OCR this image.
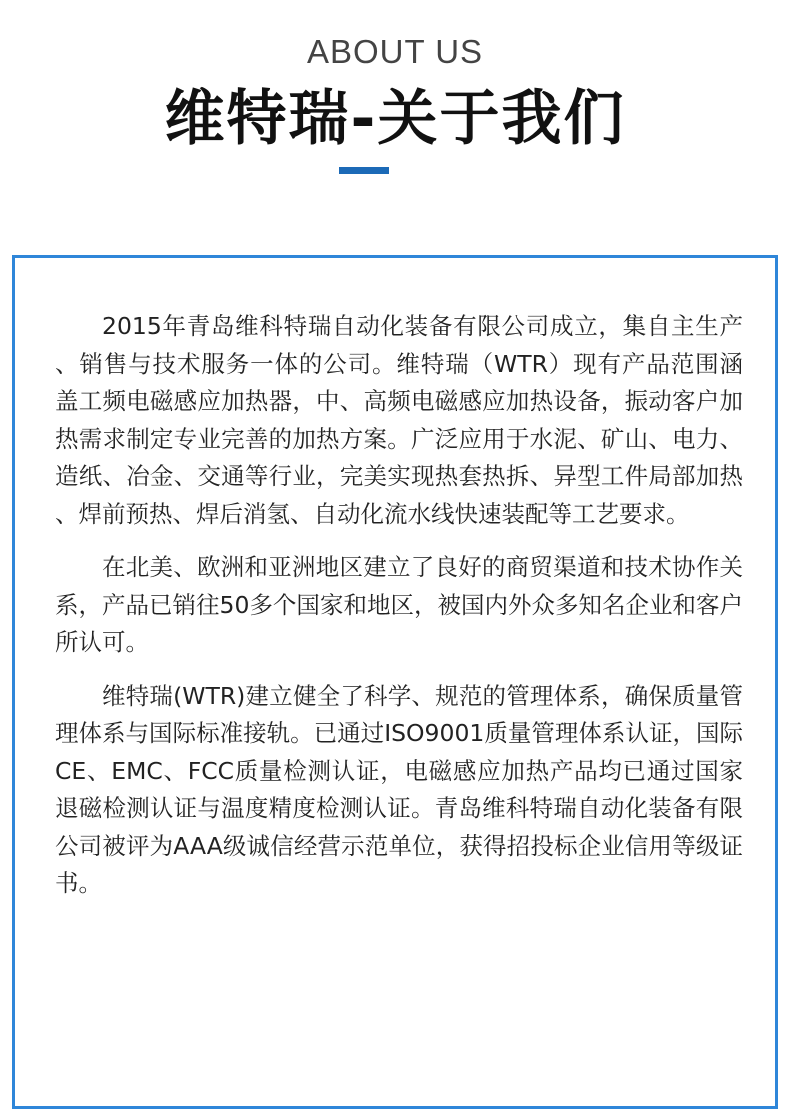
ABOUT US
维特瑞-关于我们

2015年青岛维科特瑞自动化装备有限公司成立，集自主生产、销售与技术服务一体的公司。维特瑞（WTR）现有产品范围涵盖工频电磁感应加热器，中、高频电磁感应加热设备，振动客户加热需求制定专业完善的加热方案。广泛应用于水泥、矿山、电力、造纸、冶金、交通等行业，完美实现热套热拆、异型工件局部加热、焊前预热、焊后消氢、自动化流水线快速装配等工艺要求。

在北美、欧洲和亚洲地区建立了良好的商贸渠道和技术协作关系，产品已销往50多个国家和地区，被国内外众多知名企业和客户所认可。

维特瑞(WTR)建立健全了科学、规范的管理体系，确保质量管理体系与国际标准接轨。已通过ISO9001质量管理体系认证，国际CE、EMC、FCC质量检测认证，电磁感应加热产品均已通过国家退磁检测认证与温度精度检测认证。青岛维科特瑞自动化装备有限公司被评为AAA级诚信经营示范单位，获得招投标企业信用等级证书。
